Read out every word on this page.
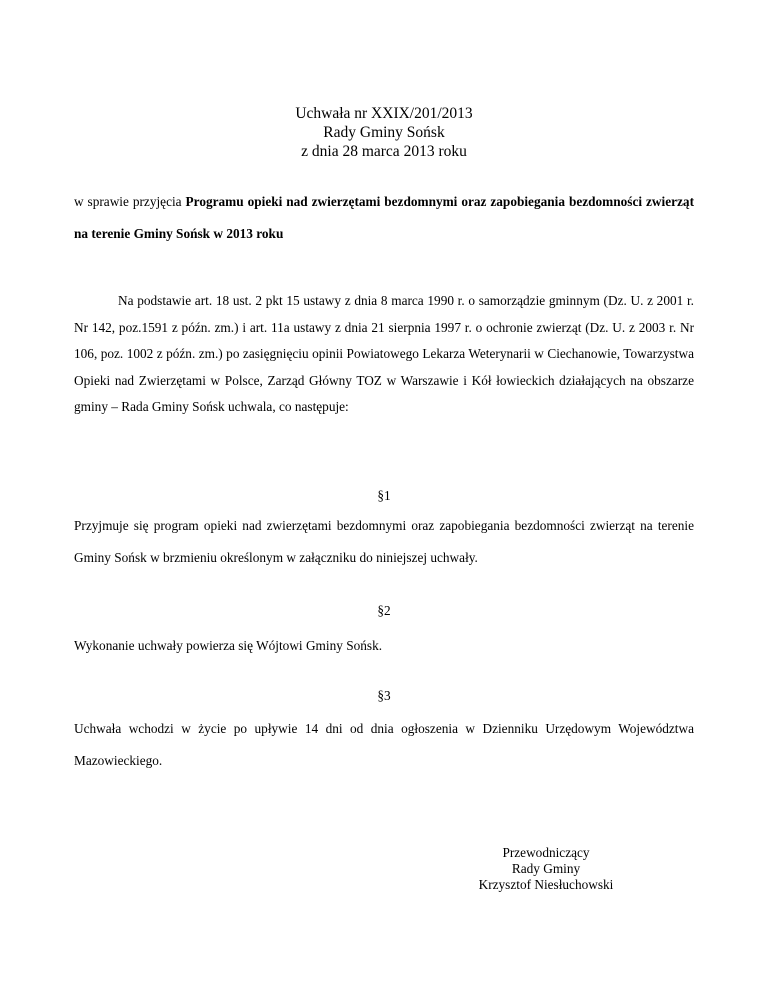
Uchwała nr XXIX/201/2013
Rady Gminy Sońsk
z dnia 28 marca 2013 roku
w sprawie przyjęcia Programu opieki nad zwierzętami bezdomnymi oraz zapobiegania bezdomności zwierząt na terenie Gminy Sońsk w 2013 roku
Na podstawie art. 18 ust. 2 pkt 15 ustawy z dnia 8 marca 1990 r. o samorządzie gminnym (Dz. U. z 2001 r. Nr 142, poz.1591 z późn. zm.) i art. 11a ustawy z dnia 21 sierpnia 1997 r. o ochronie zwierząt (Dz. U. z 2003 r. Nr 106, poz. 1002 z późn. zm.) po zasięgnięciu opinii Powiatowego Lekarza Weterynarii w Ciechanowie, Towarzystwa Opieki nad Zwierzętami w Polsce, Zarząd Główny TOZ w Warszawie i Kół łowieckich działających na obszarze gminy – Rada Gminy Sońsk uchwala, co następuje:
§1
Przyjmuje się program opieki nad zwierzętami bezdomnymi oraz zapobiegania bezdomności zwierząt na terenie Gminy Sońsk w brzmieniu określonym w załączniku do niniejszej uchwały.
§2
Wykonanie uchwały powierza się Wójtowi Gminy Sońsk.
§3
Uchwała wchodzi w życie po upływie 14 dni od dnia ogłoszenia w Dzienniku Urzędowym Województwa Mazowieckiego.
Przewodniczący
Rady Gminy
Krzysztof Niesłuchowski
